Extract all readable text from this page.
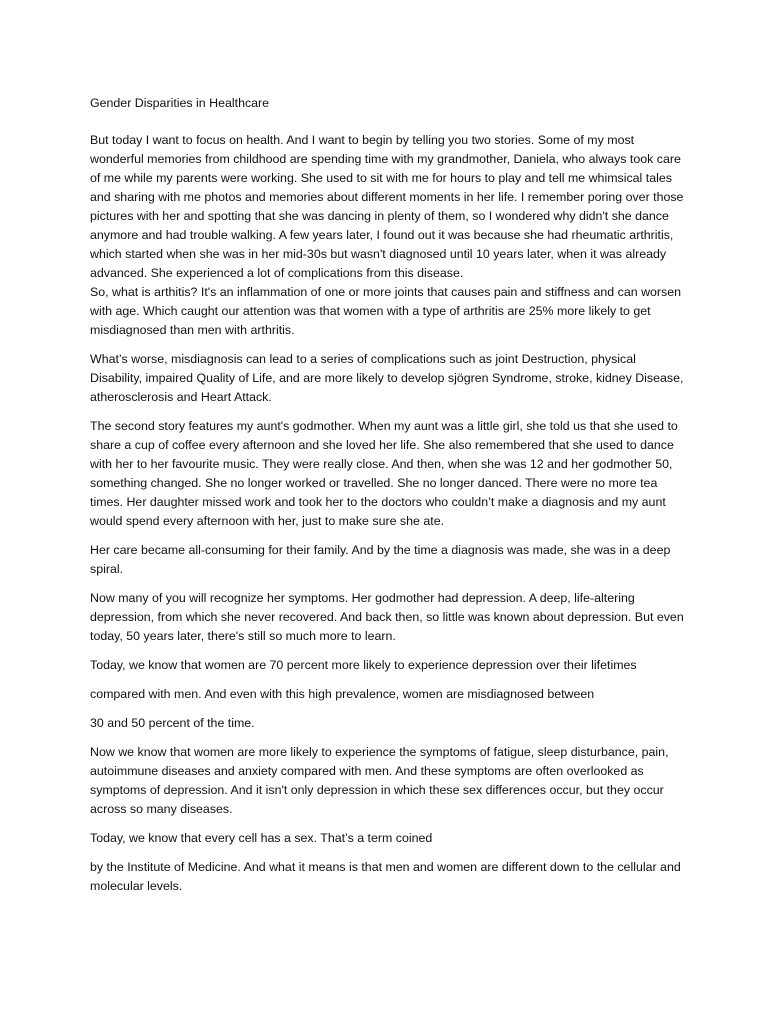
Gender Disparities in Healthcare

But today I want to focus on health. And I want to begin by telling you two stories. Some of my most wonderful memories from childhood are spending time with my grandmother, Daniela, who always took care of me while my parents were working. She used to sit with me for hours to play and tell me whimsical tales and sharing with me photos and memories about different moments in her life. I remember poring over those pictures with her and spotting that she was dancing in plenty of them, so I wondered why didn't she dance anymore and had trouble walking. A few years later, I found out it was because she had rheumatic arthritis, which started when she was in her mid-30s but wasn't diagnosed until 10 years later, when it was already advanced. She experienced a lot of complications from this disease.

So, what is arthitis? It's an inflammation of one or more joints that causes pain and stiffness and can worsen with age. Which caught our attention was that women with a type of arthritis are 25% more likely to get misdiagnosed than men with arthritis.

What’s worse, misdiagnosis can lead to a series of complications such as joint Destruction, physical Disability, impaired Quality of Life, and are more likely to develop sjögren Syndrome, stroke, kidney Disease, atherosclerosis and Heart Attack.

The second story features my aunt's godmother. When my aunt was a little girl, she told us that she used to share a cup of coffee every afternoon and she loved her life. She also remembered that she used to dance with her to her favourite music. They were really close. And then, when she was 12 and her godmother 50, something changed. She no longer worked or travelled. She no longer danced. There were no more tea times. Her daughter missed work and took her to the doctors who couldn’t make a diagnosis and my aunt would spend every afternoon with her, just to make sure she ate.

Her care became all-consuming for their family. And by the time a diagnosis was made, she was in a deep spiral.

Now many of you will recognize her symptoms. Her godmother had depression. A deep, life-altering depression, from which she never recovered. And back then, so little was known about depression. But even today, 50 years later, there's still so much more to learn.

Today, we know that women are 70 percent more likely to experience depression over their lifetimes

compared with men. And even with this high prevalence, women are misdiagnosed between

30 and 50 percent of the time.

Now we know that women are more likely to experience the symptoms of fatigue, sleep disturbance, pain, autoimmune diseases and anxiety compared with men. And these symptoms are often overlooked as symptoms of depression. And it isn't only depression in which these sex differences occur, but they occur across so many diseases.

Today, we know that every cell has a sex. That’s a term coined

by the Institute of Medicine. And what it means is that men and women are different down to the cellular and molecular levels.
